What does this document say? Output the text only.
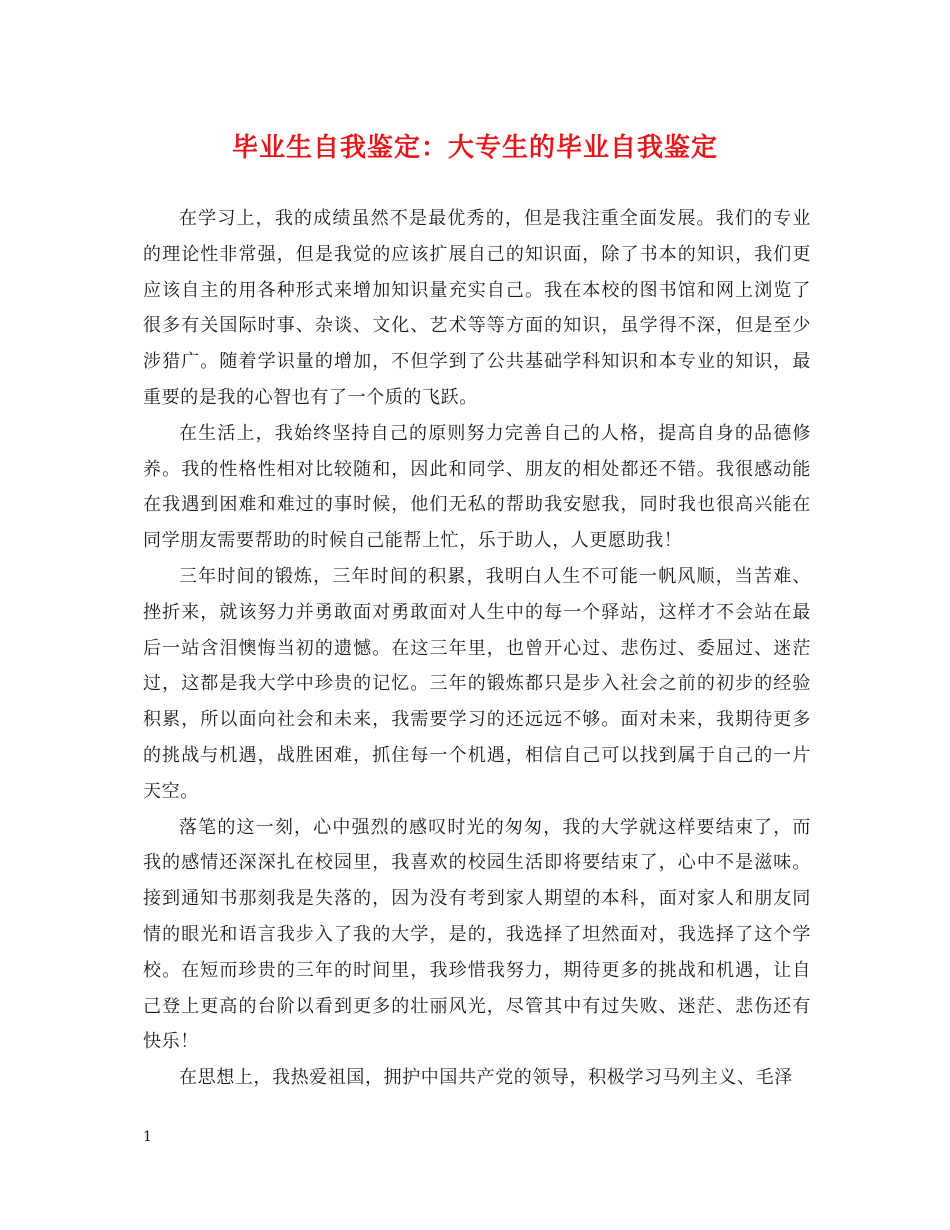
毕业生自我鉴定：大专生的毕业自我鉴定

在学习上，我的成绩虽然不是最优秀的，但是我注重全面发展。我们的专业的理论性非常强，但是我觉的应该扩展自己的知识面，除了书本的知识，我们更应该自主的用各种形式来增加知识量充实自己。我在本校的图书馆和网上浏览了很多有关国际时事、杂谈、文化、艺术等等方面的知识，虽学得不深，但是至少涉猎广。随着学识量的增加，不但学到了公共基础学科知识和本专业的知识，最重要的是我的心智也有了一个质的飞跃。

在生活上，我始终坚持自己的原则努力完善自己的人格，提高自身的品德修养。我的性格性相对比较随和，因此和同学、朋友的相处都还不错。我很感动能在我遇到困难和难过的事时候，他们无私的帮助我安慰我，同时我也很高兴能在同学朋友需要帮助的时候自己能帮上忙，乐于助人，人更愿助我！

三年时间的锻炼，三年时间的积累，我明白人生不可能一帆风顺，当苦难、挫折来，就该努力并勇敢面对勇敢面对人生中的每一个驿站，这样才不会站在最后一站含泪懊悔当初的遗憾。在这三年里，也曾开心过、悲伤过、委屈过、迷茫过，这都是我大学中珍贵的记忆。三年的锻炼都只是步入社会之前的初步的经验积累，所以面向社会和未来，我需要学习的还远远不够。面对未来，我期待更多的挑战与机遇，战胜困难，抓住每一个机遇，相信自己可以找到属于自己的一片天空。

落笔的这一刻，心中强烈的感叹时光的匆匆，我的大学就这样要结束了，而我的感情还深深扎在校园里，我喜欢的校园生活即将要结束了，心中不是滋味。接到通知书那刻我是失落的，因为没有考到家人期望的本科，面对家人和朋友同情的眼光和语言我步入了我的大学，是的，我选择了坦然面对，我选择了这个学校。在短而珍贵的三年的时间里，我珍惜我努力，期待更多的挑战和机遇，让自己登上更高的台阶以看到更多的壮丽风光，尽管其中有过失败、迷茫、悲伤还有快乐！

在思想上，我热爱祖国，拥护中国共产党的领导，积极学习马列主义、毛泽

1
